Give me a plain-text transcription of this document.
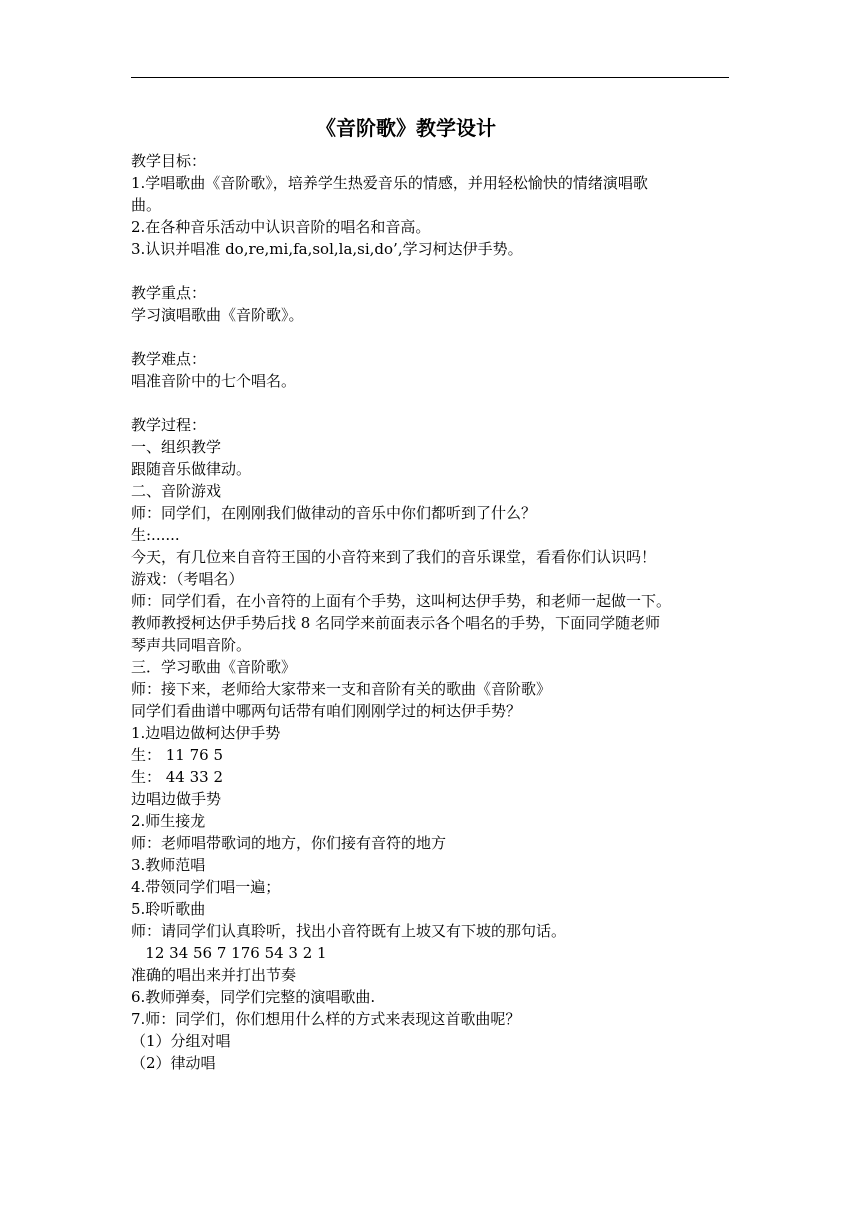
《音阶歌》教学设计
教学目标：
1.学唱歌曲《音阶歌》，培养学生热爱音乐的情感，并用轻松愉快的情绪演唱歌
曲。
2.在各种音乐活动中认识音阶的唱名和音高。
3.认识并唱准 do,re,mi,fa,sol,la,si,do’,学习柯达伊手势。
教学重点：
学习演唱歌曲《音阶歌》。
教学难点：
唱准音阶中的七个唱名。
教学过程：
一、组织教学
跟随音乐做律动。
二、音阶游戏
师：同学们，在刚刚我们做律动的音乐中你们都听到了什么？
生:......
今天，有几位来自音符王国的小音符来到了我们的音乐课堂，看看你们认识吗！
游戏：（考唱名）
师：同学们看，在小音符的上面有个手势，这叫柯达伊手势，和老师一起做一下。
教师教授柯达伊手势后找 8 名同学来前面表示各个唱名的手势，下面同学随老师
琴声共同唱音阶。
三．学习歌曲《音阶歌》
师：接下来，老师给大家带来一支和音阶有关的歌曲《音阶歌》
同学们看曲谱中哪两句话带有咱们刚刚学过的柯达伊手势？
1.边唱边做柯达伊手势
生： 11 76 5
生： 44 33 2
边唱边做手势
2.师生接龙
师：老师唱带歌词的地方，你们接有音符的地方
3.教师范唱
4.带领同学们唱一遍；
5.聆听歌曲
师：请同学们认真聆听，找出小音符既有上坡又有下坡的那句话。
12 34 56 7 176 54 3 2 1
准确的唱出来并打出节奏
6.教师弹奏，同学们完整的演唱歌曲.
7.师：同学们，你们想用什么样的方式来表现这首歌曲呢？
（1）分组对唱
（2）律动唱
